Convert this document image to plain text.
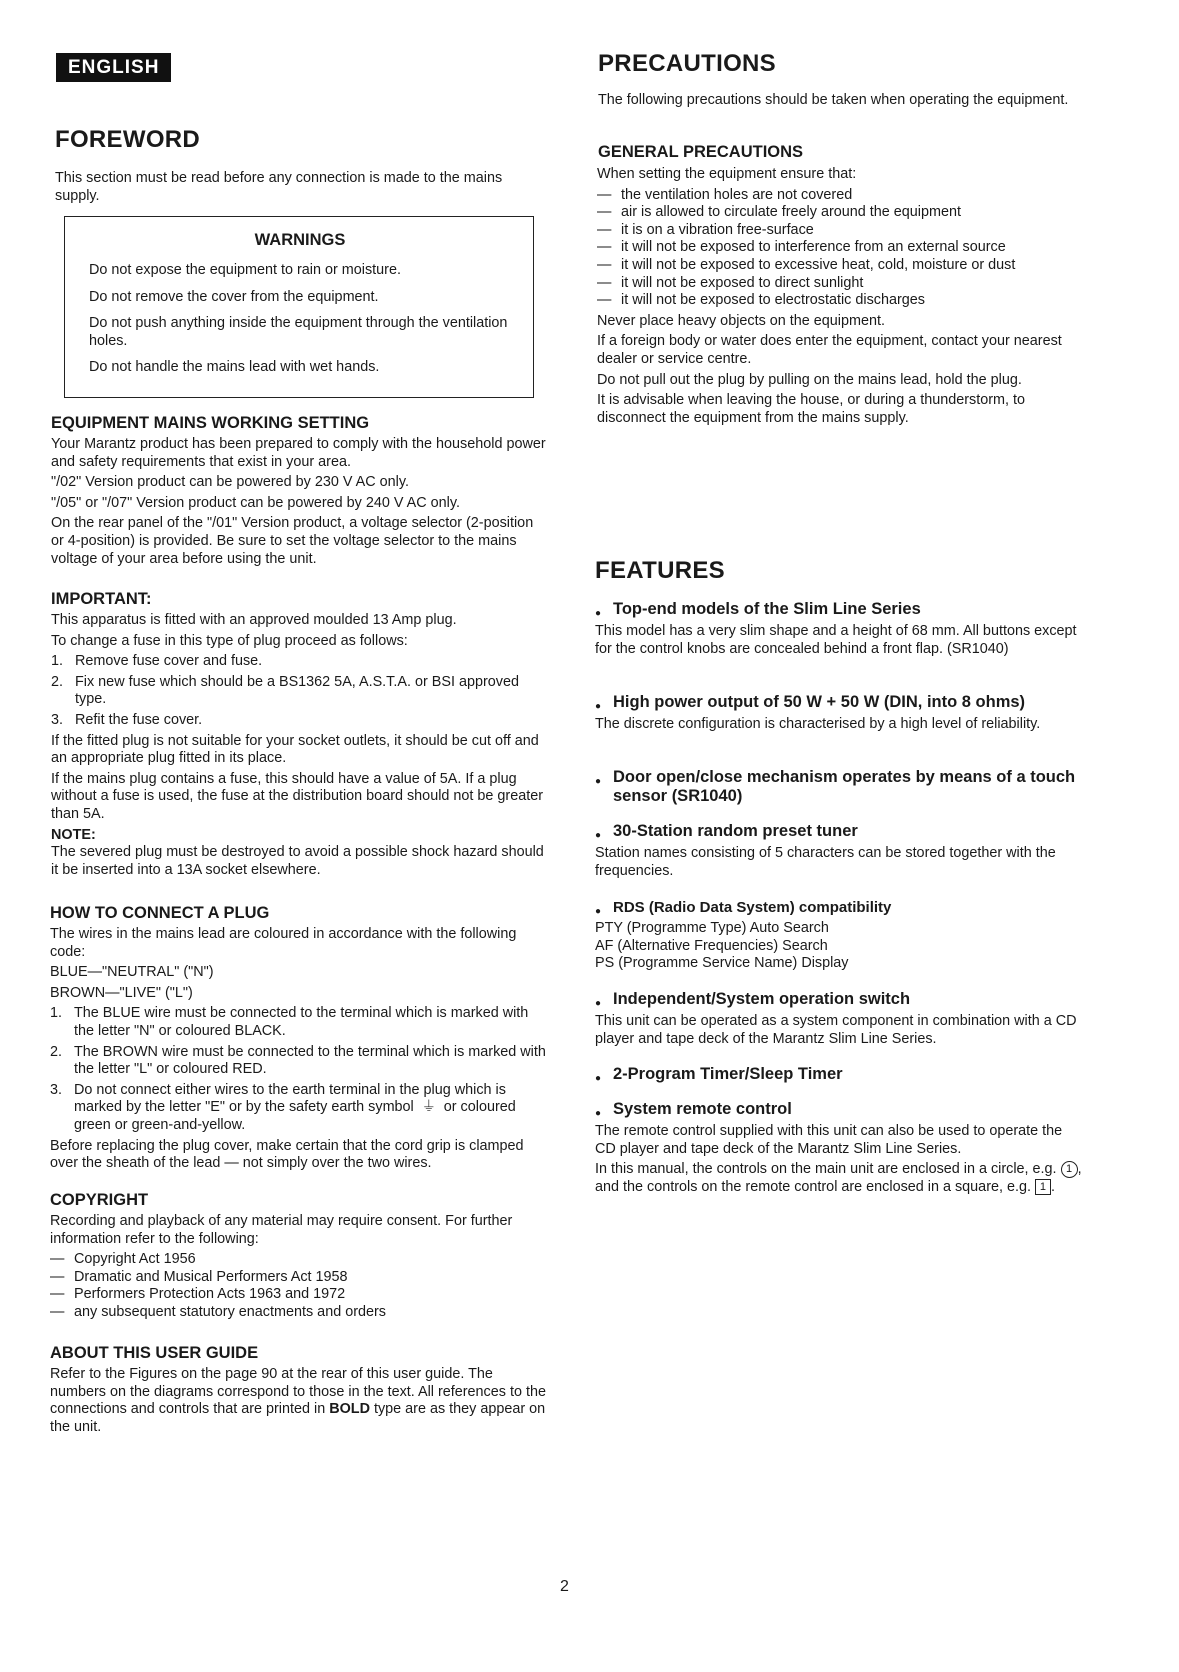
ENGLISH
FOREWORD

This section must be read before any connection is made to the mains supply.

WARNINGS

Do not expose the equipment to rain or moisture.

Do not remove the cover from the equipment.

Do not push anything inside the equipment through the ventilation holes.

Do not handle the mains lead with wet hands.

EQUIPMENT MAINS WORKING SETTING

Your Marantz product has been prepared to comply with the household power and safety requirements that exist in your area.

"/02" Version product can be powered by 230 V AC only.

"/05" or "/07" Version product can be powered by 240 V AC only.

On the rear panel of the "/01" Version product, a voltage selector (2-position or 4-position) is provided. Be sure to set the voltage selector to the mains voltage of your area before using the unit.

IMPORTANT:

This apparatus is fitted with an approved moulded 13 Amp plug.

To change a fuse in this type of plug proceed as follows:

1. Remove fuse cover and fuse.

2. Fix new fuse which should be a BS1362 5A, A.S.T.A. or BSI approved type.

3. Refit the fuse cover.

If the fitted plug is not suitable for your socket outlets, it should be cut off and an appropriate plug fitted in its place.

If the mains plug contains a fuse, this should have a value of 5A. If a plug without a fuse is used, the fuse at the distribution board should not be greater than 5A.

NOTE:

The severed plug must be destroyed to avoid a possible shock hazard should it be inserted into a 13A socket elsewhere.

HOW TO CONNECT A PLUG

The wires in the mains lead are coloured in accordance with the following code:

BLUE—"NEUTRAL" ("N")

BROWN—"LIVE" ("L")

1. The BLUE wire must be connected to the terminal which is marked with the letter "N" or coloured BLACK.

2. The BROWN wire must be connected to the terminal which is marked with the letter "L" or coloured RED.

3. Do not connect either wires to the earth terminal in the plug which is marked by the letter "E" or by the safety earth symbol ⏚ or coloured green or green-and-yellow.

Before replacing the plug cover, make certain that the cord grip is clamped over the sheath of the lead — not simply over the two wires.

COPYRIGHT

Recording and playback of any material may require consent. For further information refer to the following:

— Copyright Act 1956

— Dramatic and Musical Performers Act 1958

— Performers Protection Acts 1963 and 1972

— any subsequent statutory enactments and orders

ABOUT THIS USER GUIDE

Refer to the Figures on the page 90 at the rear of this user guide. The numbers on the diagrams correspond to those in the text. All references to the connections and controls that are printed in BOLD type are as they appear on the unit.

PRECAUTIONS

The following precautions should be taken when operating the equipment.

GENERAL PRECAUTIONS

When setting the equipment ensure that:

— the ventilation holes are not covered

— air is allowed to circulate freely around the equipment

— it is on a vibration free-surface

— it will not be exposed to interference from an external source

— it will not be exposed to excessive heat, cold, moisture or dust

— it will not be exposed to direct sunlight

— it will not be exposed to electrostatic discharges

Never place heavy objects on the equipment.

If a foreign body or water does enter the equipment, contact your nearest dealer or service centre.

Do not pull out the plug by pulling on the mains lead, hold the plug.

It is advisable when leaving the house, or during a thunderstorm, to disconnect the equipment from the mains supply.

FEATURES
● Top-end models of the Slim Line Series

This model has a very slim shape and a height of 68 mm. All buttons except for the control knobs are concealed behind a front flap. (SR1040)

● High power output of 50 W + 50 W (DIN, into 8 ohms)

The discrete configuration is characterised by a high level of reliability.

● Door open/close mechanism operates by means of a touch sensor (SR1040)
● 30-Station random preset tuner

Station names consisting of 5 characters can be stored together with the frequencies.

● RDS (Radio Data System) compatibility

PTY (Programme Type) Auto Search

AF (Alternative Frequencies) Search

PS (Programme Service Name) Display

● Independent/System operation switch

This unit can be operated as a system component in combination with a CD player and tape deck of the Marantz Slim Line Series.

● 2-Program Timer/Sleep Timer
● System remote control

The remote control supplied with this unit can also be used to operate the CD player and tape deck of the Marantz Slim Line Series.

In this manual, the controls on the main unit are enclosed in a circle, e.g. 1 , and the controls on the remote control are enclosed in a square, e.g. 1 .

2
